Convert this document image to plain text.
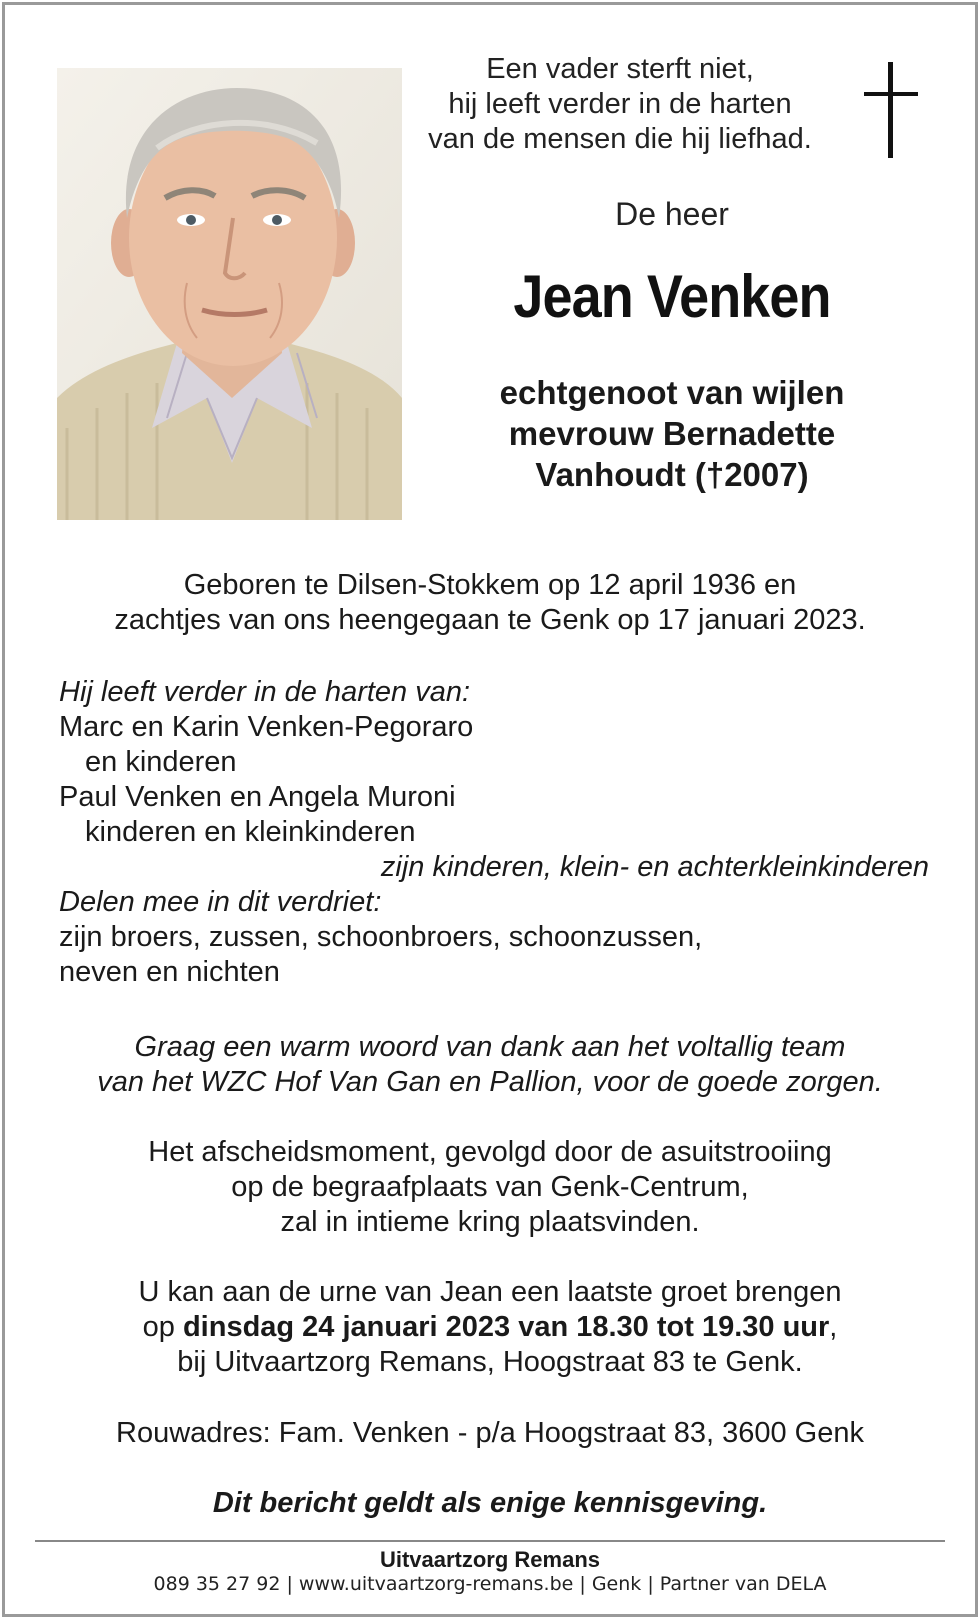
Een vader sterft niet,
hij leeft verder in de harten
van de mensen die hij liefhad.
De heer
Jean Venken
echtgenoot van wijlen
mevrouw Bernadette
Vanhoudt (†2007)
Geboren te Dilsen-Stokkem op 12 april 1936 en
zachtjes van ons heengegaan te Genk op 17 januari 2023.
Hij leeft verder in de harten van:
Marc en Karin Venken-Pegoraro
en kinderen
Paul Venken en Angela Muroni
kinderen en kleinkinderen
zijn kinderen, klein- en achterkleinkinderen
Delen mee in dit verdriet:
zijn broers, zussen, schoonbroers, schoonzussen,
neven en nichten
Graag een warm woord van dank aan het voltallig team
van het WZC Hof Van Gan en Pallion, voor de goede zorgen.
Het afscheidsmoment, gevolgd door de asuitstrooiing
op de begraafplaats van Genk-Centrum,
zal in intieme kring plaatsvinden.
U kan aan de urne van Jean een laatste groet brengen
op dinsdag 24 januari 2023 van 18.30 tot 19.30 uur,
bij Uitvaartzorg Remans, Hoogstraat 83 te Genk.
Rouwadres: Fam. Venken - p/a Hoogstraat 83, 3600 Genk
Dit bericht geldt als enige kennisgeving.
Uitvaartzorg Remans
089 35 27 92 | www.uitvaartzorg-remans.be | Genk | Partner van DELA
